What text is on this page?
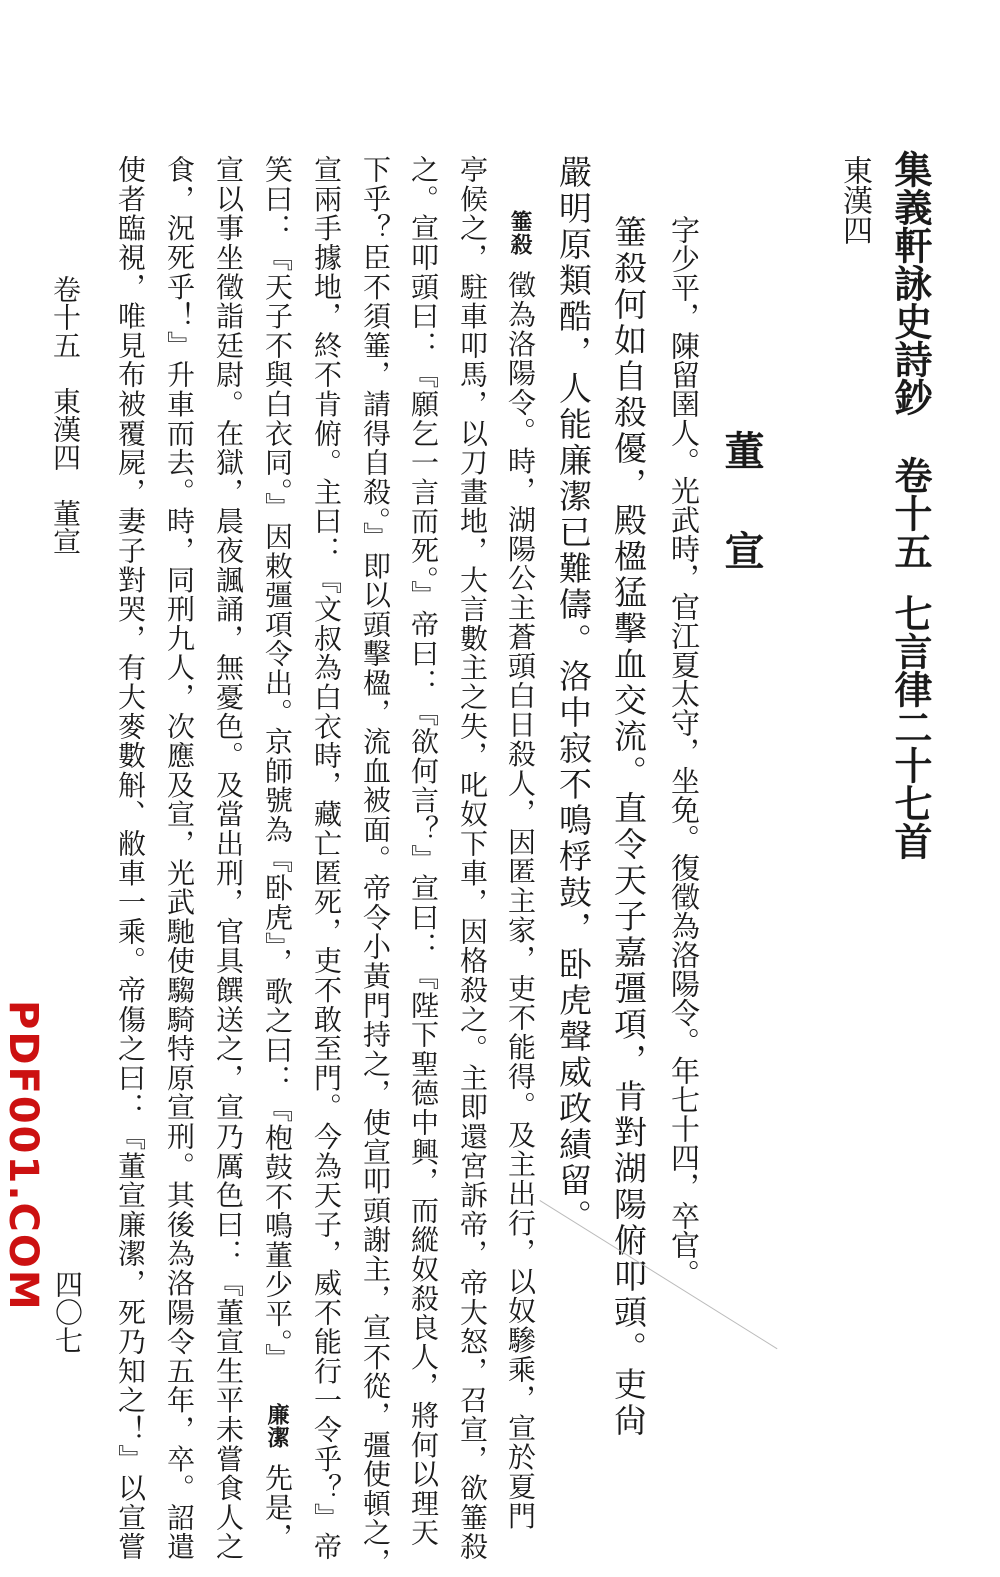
集義軒詠史詩鈔卷十五七言律二十七首
東漢四
董宣
字少平，陳留圉人。光武時，官江夏太守，坐免。復徵為洛陽令。年七十四，卒官。
箠殺何如自殺優，殿楹猛擊血交流。直令天子嘉彊項，肯對湖陽俯叩頭。吏尙
嚴明原類酷，人能廉潔已難儔。洛中寂不鳴桴鼓，卧虎聲威政績留。
箠殺徵為洛陽令。時，湖陽公主蒼頭白日殺人，因匿主家，吏不能得。及主出行，以奴驂乘，宣於夏門
亭候之，駐車叩馬，以刀畫地，大言數主之失，叱奴下車，因格殺之。主即還宮訴帝，帝大怒，召宣，欲箠殺
之。宣叩頭曰：『願乞一言而死。』帝曰：『欲何言？』宣曰：『陛下聖德中興，而縱奴殺良人，將何以理天
下乎？臣不須箠，請得自殺。』即以頭擊楹，流血被面。帝令小黃門持之，使宣叩頭謝主，宣不從，彊使頓之，
宣兩手據地，終不肯俯。主曰：『文叔為白衣時，藏亡匿死，吏不敢至門。今為天子，威不能行一令乎？』帝
笑曰：『天子不與白衣同。』因敕彊項令出。京師號為『卧虎』，歌之曰：『枹鼓不鳴董少平。』廉潔先是，
宣以事坐徵詣廷尉。在獄，晨夜諷誦，無憂色。及當出刑，官具饌送之，宣乃厲色曰：『董宣生平未嘗食人之
食，況死乎！』升車而去。時，同刑九人，次應及宣，光武馳使騶騎特原宣刑。其後為洛陽令五年，卒。詔遣
使者臨視，唯見布被覆屍，妻子對哭，有大麥數斛、敝車一乘。帝傷之曰：『董宣廉潔，死乃知之！』以宣嘗
卷十五　東漢四　董宣
四〇七
PDF001.COM
